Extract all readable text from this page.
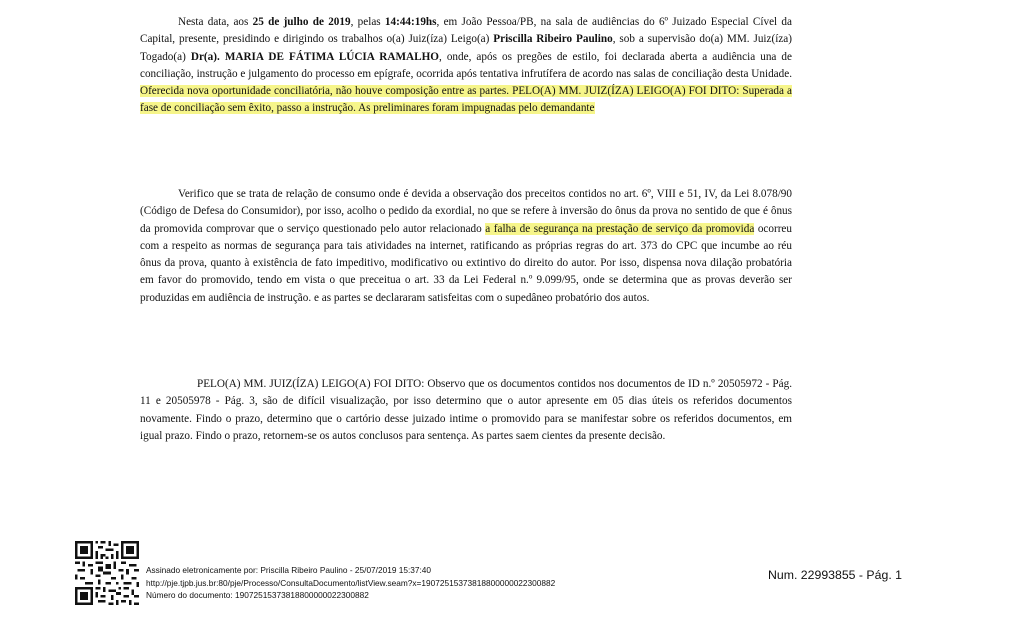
Nesta data, aos 25 de julho de 2019, pelas 14:44:19hs, em João Pessoa/PB, na sala de audiências do 6º Juizado Especial Cível da Capital, presente, presidindo e dirigindo os trabalhos o(a) Juiz(íza) Leigo(a) Priscilla Ribeiro Paulino, sob a supervisão do(a) MM. Juiz(íza) Togado(a) Dr(a). MARIA DE FÁTIMA LÚCIA RAMALHO, onde, após os pregões de estilo, foi declarada aberta a audiência una de conciliação, instrução e julgamento do processo em epígrafe, ocorrida após tentativa infrutífera de acordo nas salas de conciliação desta Unidade. Oferecida nova oportunidade conciliatória, não houve composição entre as partes. PELO(A) MM. JUIZ(ÍZA) LEIGO(A) FOI DITO: Superada a fase de conciliação sem êxito, passo a instrução. As preliminares foram impugnadas pelo demandante

Verifico que se trata de relação de consumo onde é devida a observação dos preceitos contidos no art. 6º, VIII e 51, IV, da Lei 8.078/90 (Código de Defesa do Consumidor), por isso, acolho o pedido da exordial, no que se refere à inversão do ônus da prova no sentido de que é ônus da promovida comprovar que o serviço questionado pelo autor relacionado a falha de segurança na prestação de serviço da promovida ocorreu com a respeito as normas de segurança para tais atividades na internet, ratificando as próprias regras do art. 373 do CPC que incumbe ao réu ônus da prova, quanto à existência de fato impeditivo, modificativo ou extintivo do direito do autor. Por isso, dispensa nova dilação probatória em favor do promovido, tendo em vista o que preceitua o art. 33 da Lei Federal n.º 9.099/95, onde se determina que as provas deverão ser produzidas em audiência de instrução. e as partes se declararam satisfeitas com o supedâneo probatório dos autos.

PELO(A) MM. JUIZ(ÍZA) LEIGO(A) FOI DITO: Observo que os documentos contidos nos documentos de ID n.º 20505972 - Pág. 11 e 20505978 - Pág. 3, são de difícil visualização, por isso determino que o autor apresente em 05 dias úteis os referidos documentos novamente. Findo o prazo, determino que o cartório desse juizado intime o promovido para se manifestar sobre os referidos documentos, em igual prazo. Findo o prazo, retornem-se os autos conclusos para sentença. As partes saem cientes da presente decisão.

Assinado eletronicamente por: Priscilla Ribeiro Paulino - 25/07/2019 15:37:40
http://pje.tjpb.jus.br:80/pje/Processo/ConsultaDocumento/listView.seam?x=19072515373818800000022300882
Número do documento: 19072515373818800000022300882
Num. 22993855 - Pág. 1
